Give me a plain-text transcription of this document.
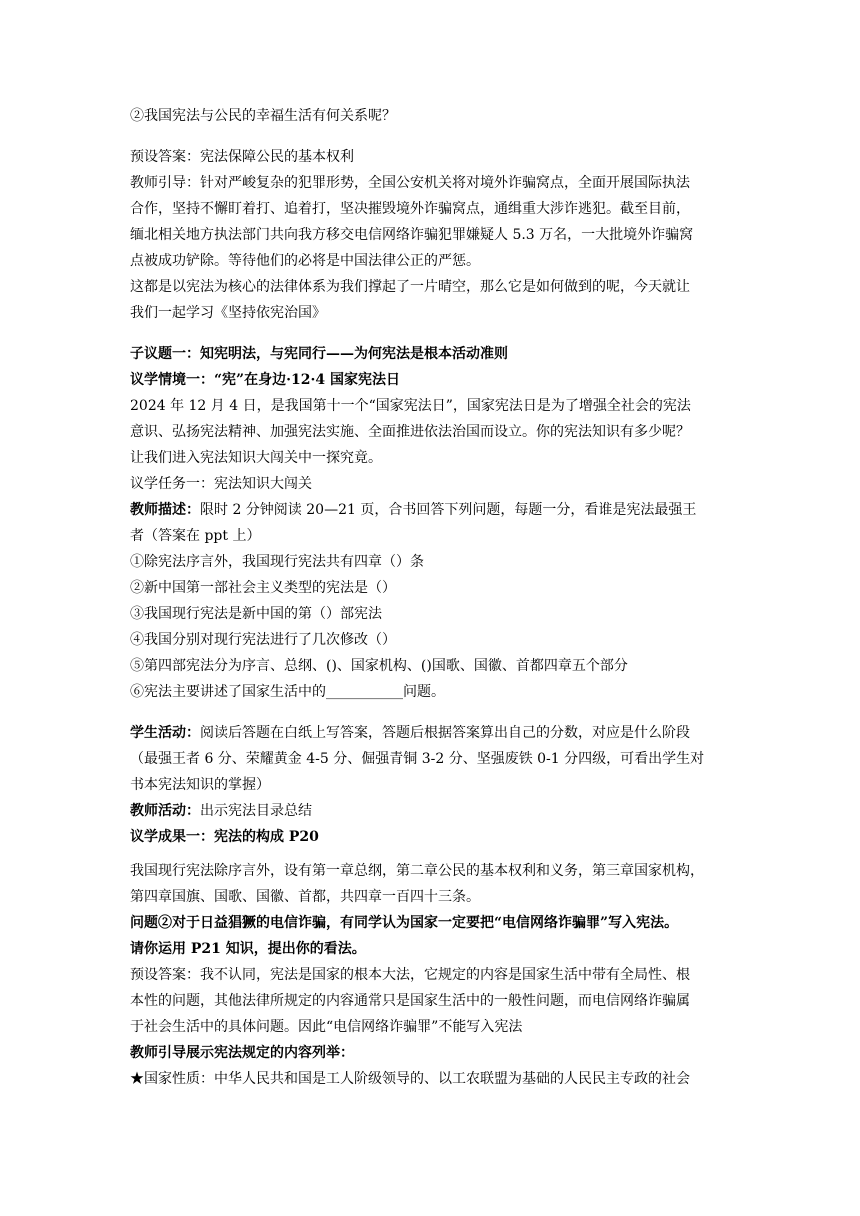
②我国宪法与公民的幸福生活有何关系呢？
预设答案：宪法保障公民的基本权利
教师引导：针对严峻复杂的犯罪形势，全国公安机关将对境外诈骗窝点，全面开展国际执法
合作，坚持不懈盯着打、追着打，坚决摧毁境外诈骗窝点，通缉重大涉诈逃犯。截至目前，
缅北相关地方执法部门共向我方移交电信网络诈骗犯罪嫌疑人 5.3 万名，一大批境外诈骗窝
点被成功铲除。等待他们的必将是中国法律公正的严惩。
这都是以宪法为核心的法律体系为我们撑起了一片晴空，那么它是如何做到的呢，今天就让
我们一起学习《坚持依宪治国》
子议题一：知宪明法，与宪同行——为何宪法是根本活动准则
议学情境一：“宪”在身边·12·4 国家宪法日
2024 年 12 月 4 日，是我国第十一个“国家宪法日”，国家宪法日是为了增强全社会的宪法
意识、弘扬宪法精神、加强宪法实施、全面推进依法治国而设立。你的宪法知识有多少呢？
让我们进入宪法知识大闯关中一探究竟。
议学任务一：宪法知识大闯关
教师描述：限时 2 分钟阅读 20—21 页，合书回答下列问题，每题一分，看谁是宪法最强王
者（答案在 ppt 上）
①除宪法序言外，我国现行宪法共有四章（）条
②新中国第一部社会主义类型的宪法是（）
③我国现行宪法是新中国的第（）部宪法
④我国分别对现行宪法进行了几次修改（）
⑤第四部宪法分为序言、总纲、()、国家机构、()国歌、国徽、首都四章五个部分
⑥宪法主要讲述了国家生活中的___________问题。
学生活动：阅读后答题在白纸上写答案，答题后根据答案算出自己的分数，对应是什么阶段
（最强王者 6 分、荣耀黄金 4-5 分、倔强青铜 3-2 分、坚强废铁 0-1 分四级，可看出学生对
书本宪法知识的掌握）
教师活动：出示宪法目录总结
议学成果一：宪法的构成 P20
我国现行宪法除序言外，设有第一章总纲，第二章公民的基本权利和义务，第三章国家机构，
第四章国旗、国歌、国徽、首都，共四章一百四十三条。
问题②对于日益猖獗的电信诈骗，有同学认为国家一定要把“电信网络诈骗罪”写入宪法。
请你运用 P21 知识，提出你的看法。
预设答案：我不认同，宪法是国家的根本大法，它规定的内容是国家生活中带有全局性、根
本性的问题，其他法律所规定的内容通常只是国家生活中的一般性问题，而电信网络诈骗属
于社会生活中的具体问题。因此“电信网络诈骗罪”不能写入宪法
教师引导展示宪法规定的内容列举：
★国家性质：中华人民共和国是工人阶级领导的、以工农联盟为基础的人民民主专政的社会
